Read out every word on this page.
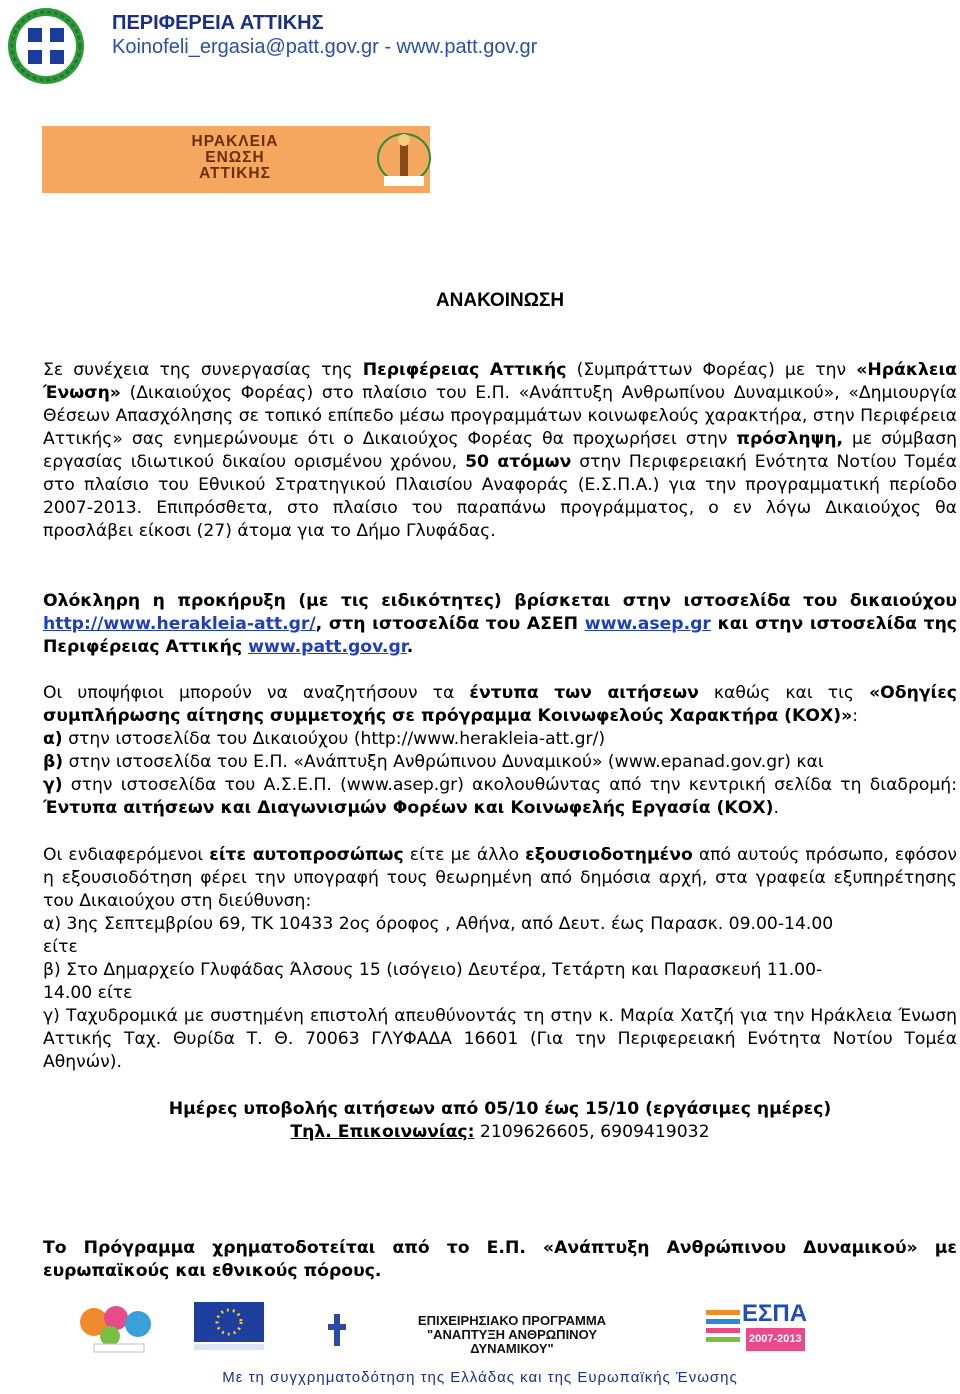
ΠΕΡΙΦΕΡΕΙΑ ΑΤΤΙΚΗΣ
Koinofeli_ergasia@patt.gov.gr - www.patt.gov.gr
ΗΡΑΚΛΕΙΑ
ΕΝΩΣΗ
ΑΤΤΙΚΗΣ
ΑΝΑΚΟΙΝΩΣΗ

Σε συνέχεια της συνεργασίας της Περιφέρειας Αττικής (Συμπράττων Φορέας) με την «Ηράκλεια Ένωση» (Δικαιούχος Φορέας) στο πλαίσιο του Ε.Π. «Ανάπτυξη Ανθρωπίνου Δυναμικού», «Δημιουργία Θέσεων Απασχόλησης σε τοπικό επίπεδο μέσω προγραμμάτων κοινωφελούς χαρακτήρα, στην Περιφέρεια Αττικής» σας ενημερώνουμε ότι ο Δικαιούχος Φορέας θα προχωρήσει στην πρόσληψη, με σύμβαση εργασίας ιδιωτικού δικαίου ορισμένου χρόνου, 50 ατόμων στην Περιφερειακή Ενότητα Νοτίου Τομέα στο πλαίσιο του Εθνικού Στρατηγικού Πλαισίου Αναφοράς (Ε.Σ.Π.Α.) για την προγραμματική περίοδο 2007-2013. Επιπρόσθετα, στο πλαίσιο του παραπάνω προγράμματος, ο εν λόγω Δικαιούχος θα προσλάβει είκοσι (27) άτομα για το Δήμο Γλυφάδας.

Ολόκληρη η προκήρυξη (με τις ειδικότητες) βρίσκεται στην ιστοσελίδα του δικαιούχου http://www.herakleia-att.gr/, στη ιστοσελίδα του ΑΣΕΠ www.asep.gr και στην ιστοσελίδα της Περιφέρειας Αττικής www.patt.gov.gr.

Οι υποψήφιοι μπορούν να αναζητήσουν τα έντυπα των αιτήσεων καθώς και τις «Οδηγίες συμπλήρωσης αίτησης συμμετοχής σε πρόγραμμα Κοινωφελούς Χαρακτήρα (ΚΟΧ)»:

α) στην ιστοσελίδα του Δικαιούχου (http://www.herakleia-att.gr/)

β) στην ιστοσελίδα του Ε.Π. «Ανάπτυξη Ανθρώπινου Δυναμικού» (www.epanad.gov.gr) και

γ) στην ιστοσελίδα του Α.Σ.Ε.Π. (www.asep.gr) ακολουθώντας από την κεντρική σελίδα τη διαδρομή: Έντυπα αιτήσεων και Διαγωνισμών Φορέων και Κοινωφελής Εργασία (ΚΟΧ).

Οι ενδιαφερόμενοι είτε αυτοπροσώπως είτε με άλλο εξουσιοδοτημένο από αυτούς πρόσωπο, εφόσον η εξουσιοδότηση φέρει την υπογραφή τους θεωρημένη από δημόσια αρχή, στα γραφεία εξυπηρέτησης του Δικαιούχου στη διεύθυνση:

α) 3ης Σεπτεμβρίου 69, ΤΚ 10433 2ος όροφος , Αθήνα, από Δευτ. έως Παρασκ. 09.00-14.00

είτε

β) Στο Δημαρχείο Γλυφάδας Άλσους 15 (ισόγειο) Δευτέρα, Τετάρτη και Παρασκευή 11.00-

14.00 είτε

γ) Ταχυδρομικά με συστημένη επιστολή απευθύνοντάς τη στην κ. Μαρία Χατζή για την Ηράκλεια Ένωση Αττικής Ταχ. Θυρίδα Τ. Θ. 70063 ΓΛΥΦΑΔΑ 16601 (Για την Περιφερειακή Ενότητα Νοτίου Τομέα Αθηνών).

Ημέρες υποβολής αιτήσεων από 05/10 έως 15/10 (εργάσιμες ημέρες)

Τηλ. Επικοινωνίας: 2109626605, 6909419032

Το Πρόγραμμα χρηματοδοτείται από το Ε.Π. «Ανάπτυξη Ανθρώπινου Δυναμικού» με ευρωπαϊκούς και εθνικούς πόρους.

ΕΠΙΧΕΙΡΗΣΙΑΚΟ ΠΡΟΓΡΑΜΜΑ
"ΑΝΑΠΤΥΞΗ ΑΝΘΡΩΠΙΝΟΥ ΔΥΝΑΜΙΚΟΥ"
ΕΣΠΑ
2007-2013
Με τη συγχρηματοδότηση της Ελλάδας και της Ευρωπαϊκής Ένωσης
